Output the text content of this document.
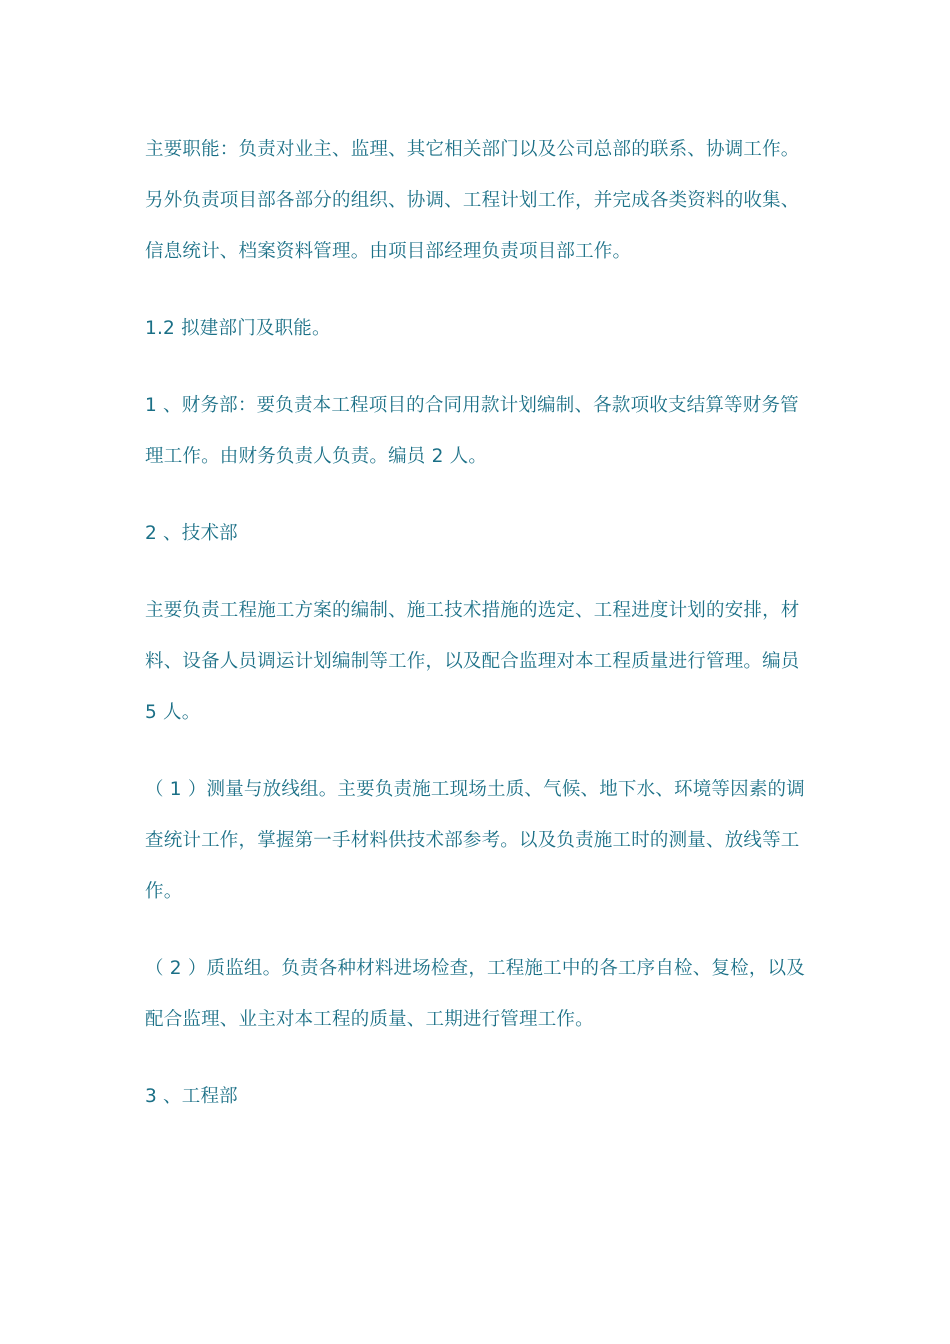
主要职能：负责对业主、监理、其它相关部门以及公司总部的联系、协调工作。另外负责项目部各部分的组织、协调、工程计划工作，并完成各类资料的收集、信息统计、档案资料管理。由项目部经理负责项目部工作。

1.2 拟建部门及职能。

1 、财务部：要负责本工程项目的合同用款计划编制、各款项收支结算等财务管理工作。由财务负责人负责。编员 2 人。

2 、技术部

主要负责工程施工方案的编制、施工技术措施的选定、工程进度计划的安排，材料、设备人员调运计划编制等工作，以及配合监理对本工程质量进行管理。编员 5 人。

（ 1 ）测量与放线组。主要负责施工现场土质、气候、地下水、环境等因素的调查统计工作，掌握第一手材料供技术部参考。以及负责施工时的测量、放线等工作。

（ 2 ）质监组。负责各种材料进场检查，工程施工中的各工序自检、复检，以及配合监理、业主对本工程的质量、工期进行管理工作。

3 、工程部
